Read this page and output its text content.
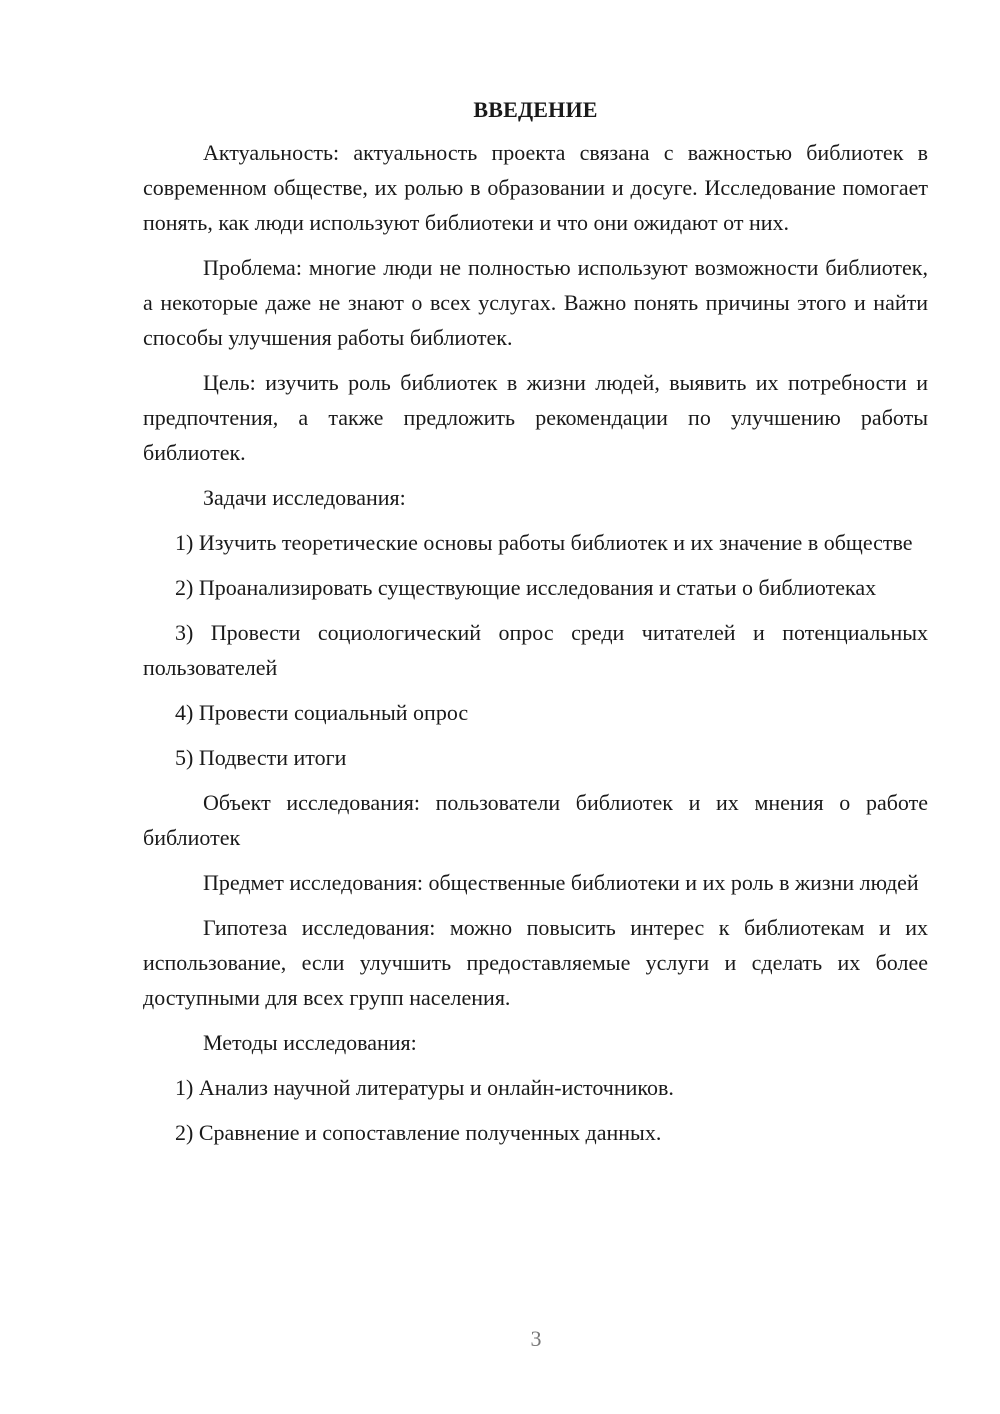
ВВЕДЕНИЕ

Актуальность: актуальность проекта связана с важностью библиотек в современном обществе, их ролью в образовании и досуге. Исследование помогает понять, как люди используют библиотеки и что они ожидают от них.

Проблема: многие люди не полностью используют возможности библиотек, а некоторые даже не знают о всех услугах. Важно понять причины этого и найти способы улучшения работы библиотек.

Цель: изучить роль библиотек в жизни людей, выявить их потребности и предпочтения, а также предложить рекомендации по улучшению работы библиотек.

Задачи исследования:

1) Изучить теоретические основы работы библиотек и их значение в обществе

2) Проанализировать существующие исследования и статьи о библиотеках

3) Провести социологический опрос среди читателей и потенциальных пользователей

4) Провести социальный опрос

5) Подвести итоги

Объект исследования: пользователи библиотек и их мнения о работе библиотек

Предмет исследования: общественные библиотеки и их роль в жизни людей

Гипотеза исследования: можно повысить интерес к библиотекам и их использование, если улучшить предоставляемые услуги и сделать их более доступными для всех групп населения.

Методы исследования:

1) Анализ научной литературы и онлайн-источников.

2) Сравнение и сопоставление полученных данных.

3
